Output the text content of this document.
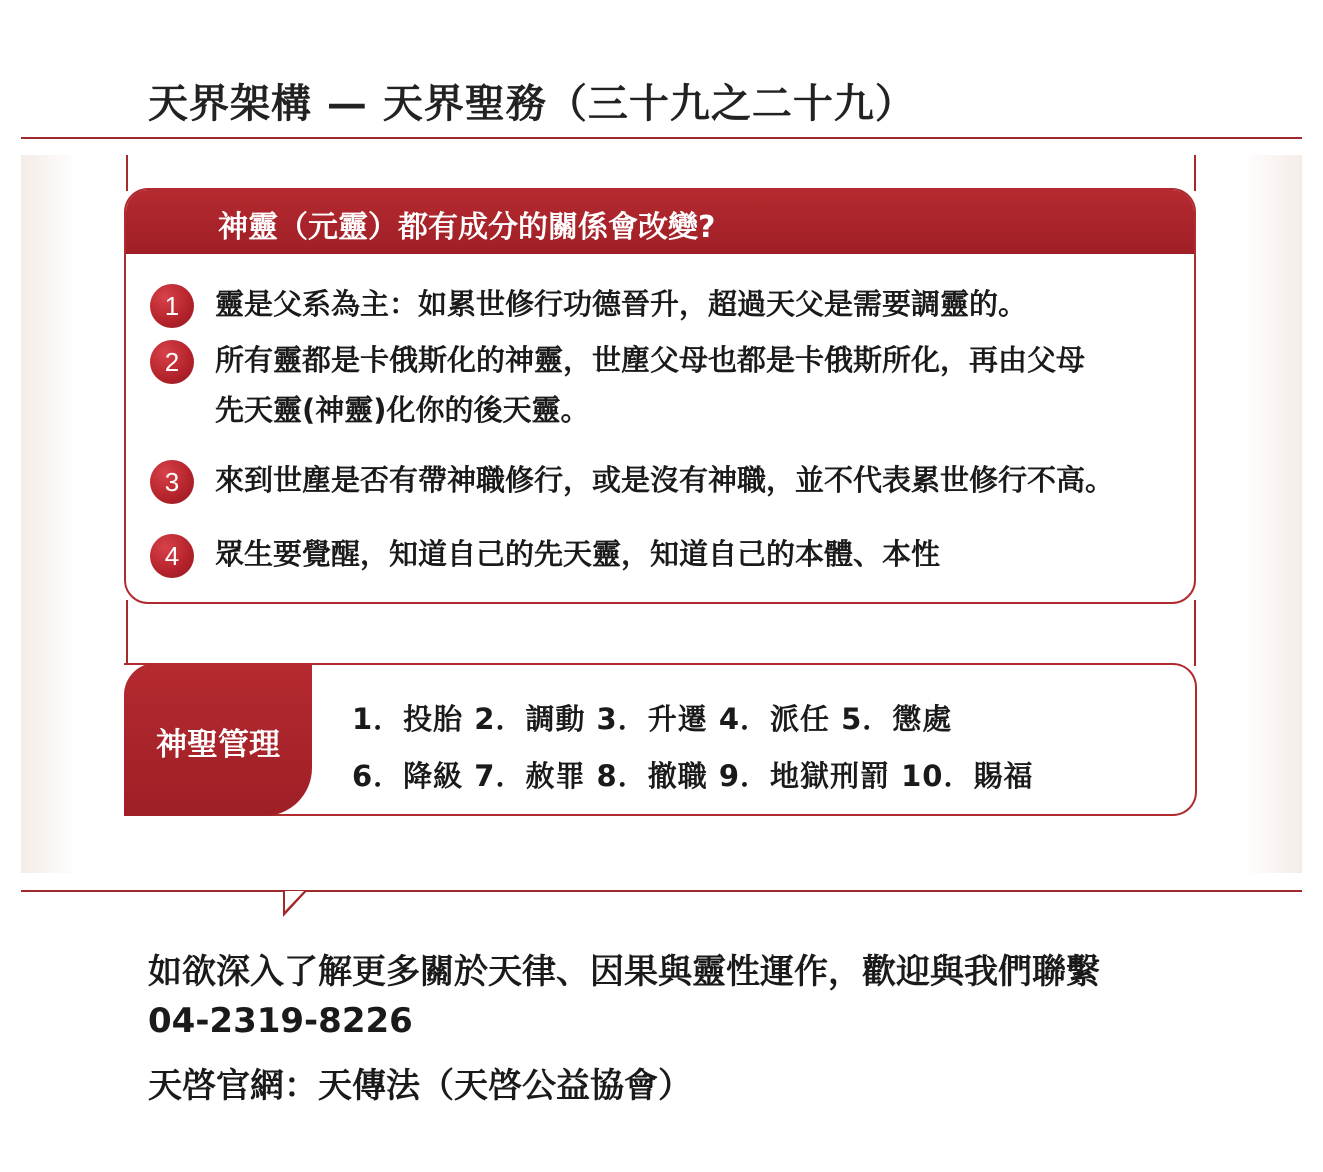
天界架構 — 天界聖務（三十九之二十九）
神靈（元靈）都有成分的關係會改變?
1	靈是父系為主：如累世修行功德晉升，超過天父是需要調靈的。
2	所有靈都是卡俄斯化的神靈，世塵父母也都是卡俄斯所化，再由父母
先天靈(神靈)化你的後天靈。
3	來到世塵是否有帶神職修行，或是沒有神職，並不代表累世修行不高。
4	眾生要覺醒，知道自己的先天靈，知道自己的本體、本性
神聖管理
1．投胎 2．調動 3．升遷 4．派任 5．懲處
6．降級 7．赦罪 8．撤職 9．地獄刑罰 10．賜福
如欲深入了解更多關於天律、因果與靈性運作，歡迎與我們聯繫
04-2319-8226
天啓官網：天傳法（天啓公益協會）
